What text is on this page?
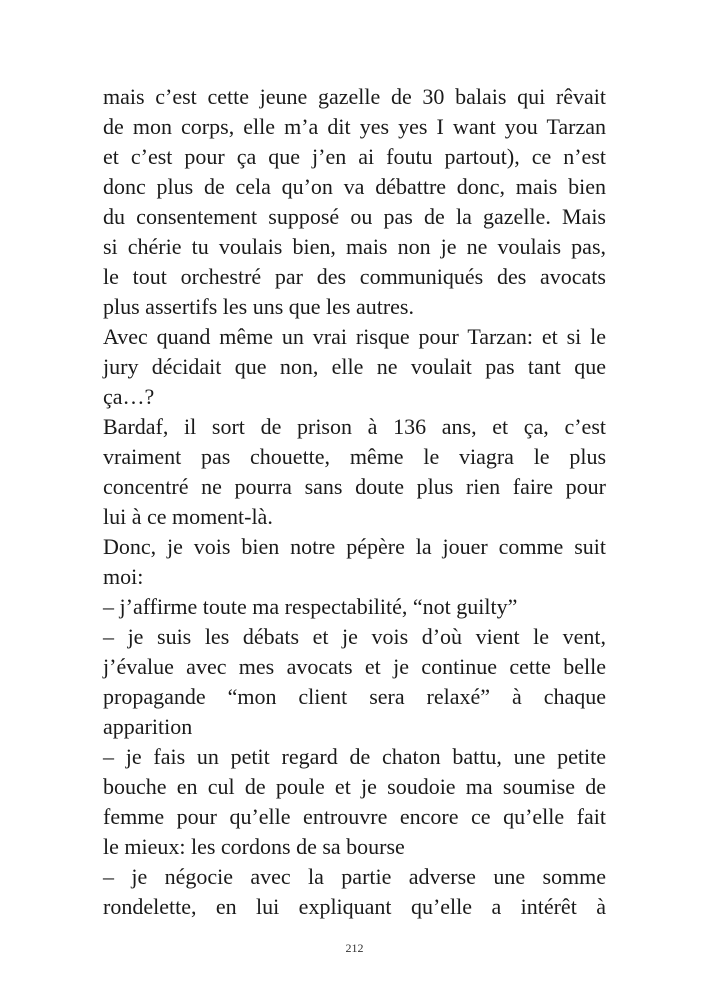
mais c’est cette jeune gazelle de 30 balais qui rêvait
de mon corps, elle m’a dit yes yes I want you Tarzan
et c’est pour ça que j’en ai foutu partout), ce n’est
donc plus de cela qu’on va débattre donc, mais bien
du consentement supposé ou pas de la gazelle. Mais
si chérie tu voulais bien, mais non je ne voulais pas,
le tout orchestré par des communiqués des avocats
plus assertifs les uns que les autres.
Avec quand même un vrai risque pour Tarzan: et si le
jury décidait que non, elle ne voulait pas tant que
ça…?
Bardaf, il sort de prison à 136 ans, et ça, c’est
vraiment pas chouette, même le viagra le plus
concentré ne pourra sans doute plus rien faire pour
lui à ce moment-là.
Donc, je vois bien notre pépère la jouer comme suit
moi:
– j’affirme toute ma respectabilité, “not guilty”
– je suis les débats et je vois d’où vient le vent,
j’évalue avec mes avocats et je continue cette belle
propagande “mon client sera relaxé” à chaque
apparition
– je fais un petit regard de chaton battu, une petite
bouche en cul de poule et je soudoie ma soumise de
femme pour qu’elle entrouvre encore ce qu’elle fait
le mieux: les cordons de sa bourse
– je négocie avec la partie adverse une somme
rondelette, en lui expliquant qu’elle a intérêt à
212
